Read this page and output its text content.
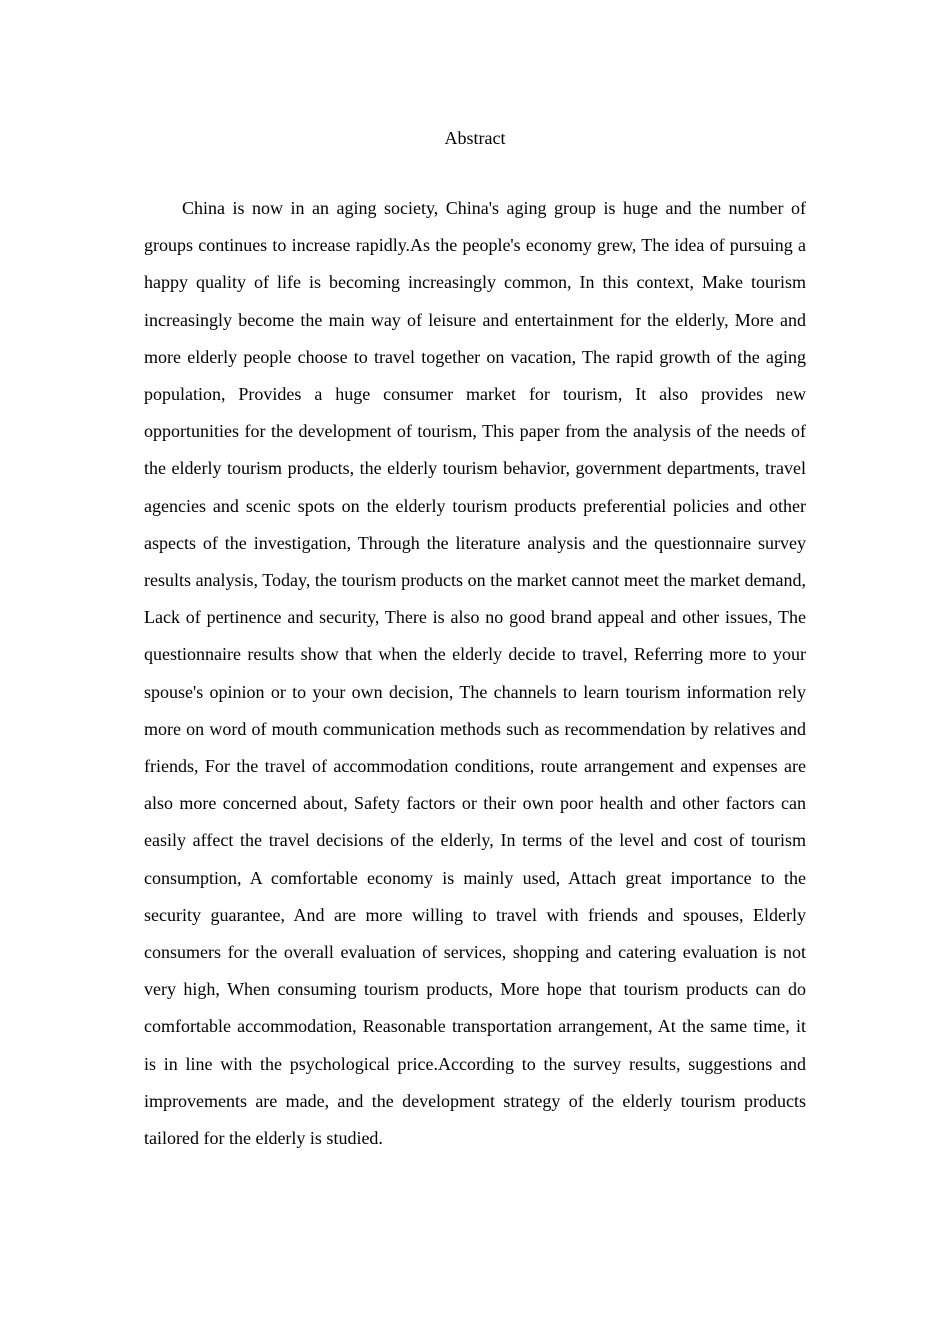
Abstract

China is now in an aging society, China's aging group is huge and the number of groups continues to increase rapidly.As the people's economy grew, The idea of pursuing a happy quality of life is becoming increasingly common, In this context, Make tourism increasingly become the main way of leisure and entertainment for the elderly, More and more elderly people choose to travel together on vacation, The rapid growth of the aging population, Provides a huge consumer market for tourism, It also provides new opportunities for the development of tourism, This paper from the analysis of the needs of the elderly tourism products, the elderly tourism behavior, government departments, travel agencies and scenic spots on the elderly tourism products preferential policies and other aspects of the investigation, Through the literature analysis and the questionnaire survey results analysis, Today, the tourism products on the market cannot meet the market demand, Lack of pertinence and security, There is also no good brand appeal and other issues, The questionnaire results show that when the elderly decide to travel, Referring more to your spouse's opinion or to your own decision, The channels to learn tourism information rely more on word of mouth communication methods such as recommendation by relatives and friends, For the travel of accommodation conditions, route arrangement and expenses are also more concerned about, Safety factors or their own poor health and other factors can easily affect the travel decisions of the elderly, In terms of the level and cost of tourism consumption, A comfortable economy is mainly used, Attach great importance to the security guarantee, And are more willing to travel with friends and spouses, Elderly consumers for the overall evaluation of services, shopping and catering evaluation is not very high, When consuming tourism products, More hope that tourism products can do comfortable accommodation, Reasonable transportation arrangement, At the same time, it is in line with the psychological price.According to the survey results, suggestions and improvements are made, and the development strategy of the elderly tourism products tailored for the elderly is studied.
